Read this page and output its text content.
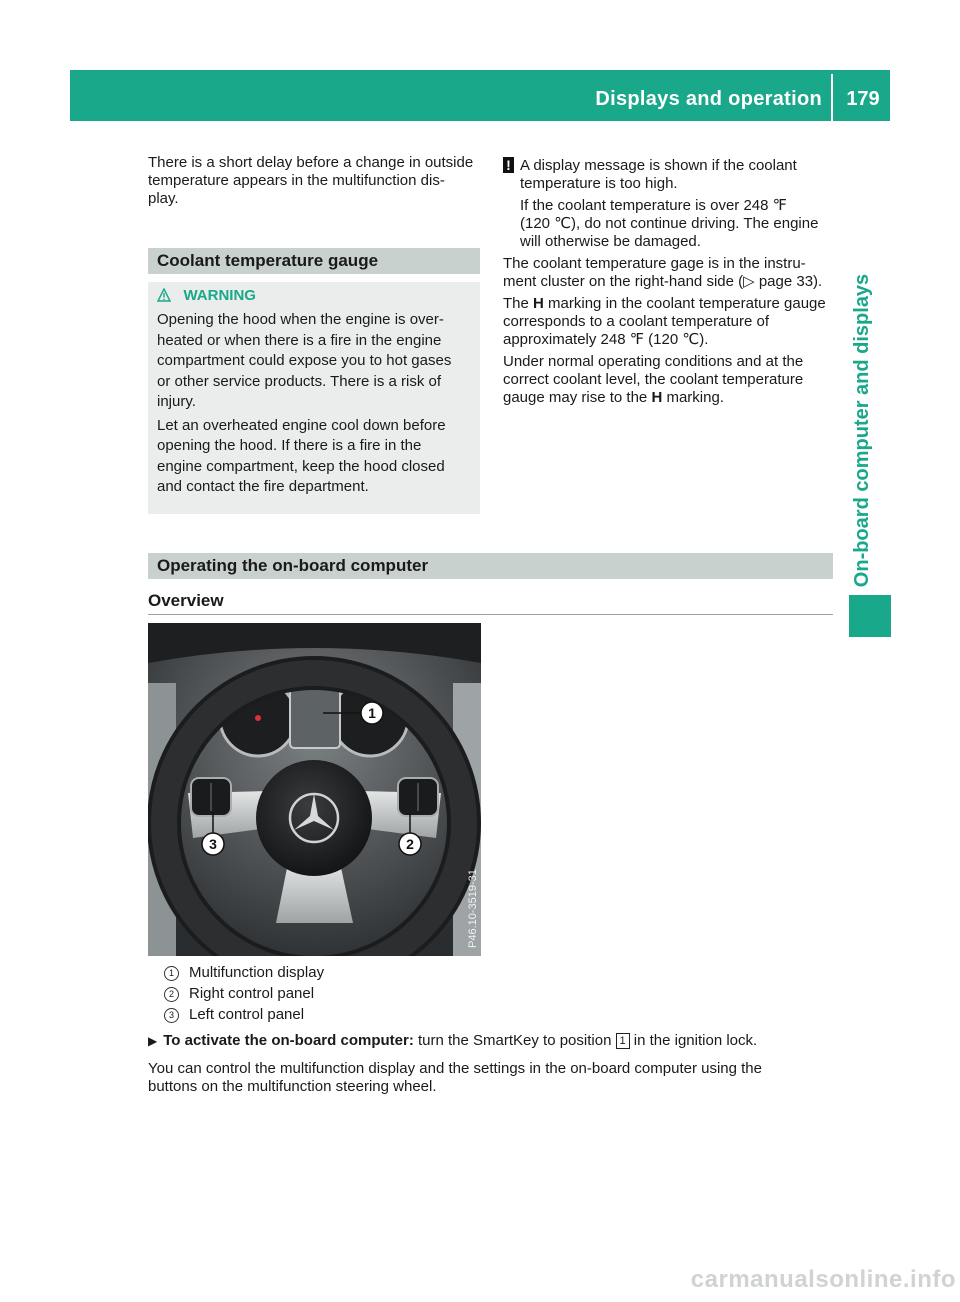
Displays and operation	179
On-board computer and displays
There is a short delay before a change in outside
temperature appears in the multifunction dis-
play.
Coolant temperature gauge
WARNING
Opening the hood when the engine is over-
heated or when there is a fire in the engine
compartment could expose you to hot gases
or other service products. There is a risk of
injury.
Let an overheated engine cool down before
opening the hood. If there is a fire in the
engine compartment, keep the hood closed
and contact the fire department.
! A display message is shown if the coolant
temperature is too high.
If the coolant temperature is over 248 ℉
(120 ℃), do not continue driving. The engine
will otherwise be damaged.
The coolant temperature gage is in the instru-
ment cluster on the right-hand side (▷ page 33).
The H marking in the coolant temperature gauge
corresponds to a coolant temperature of
approximately 248 ℉ (120 ℃).
Under normal operating conditions and at the
correct coolant level, the coolant temperature
gauge may rise to the H marking.
Operating the on-board computer
Overview
1
2
3
P46.10-3519-31
1 Multifunction display
2 Right control panel
3 Left control panel
▶ To activate the on-board computer: turn the SmartKey to position 1 in the ignition lock.
You can control the multifunction display and the settings in the on-board computer using the
buttons on the multifunction steering wheel.
carmanualsonline.info
